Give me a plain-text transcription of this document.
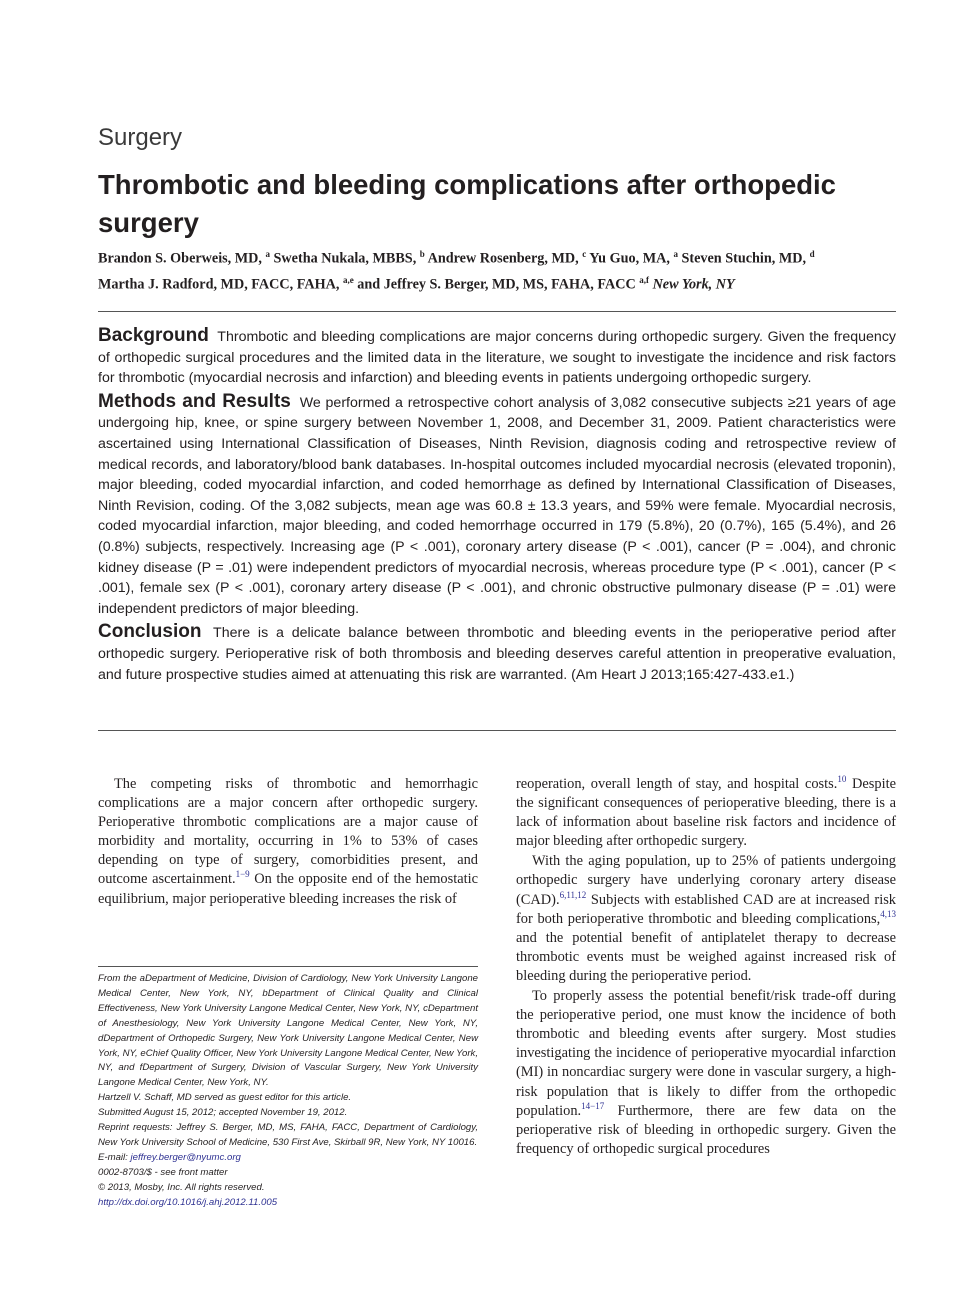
Surgery
Thrombotic and bleeding complications after orthopedic surgery
Brandon S. Oberweis, MD, $^a$ Swetha Nukala, MBBS, $^b$ Andrew Rosenberg, MD, $^c$ Yu Guo, MA, $^a$ Steven Stuchin, MD, $^d$
Martha J. Radford, MD, FACC, FAHA, $^{a,e}$ and Jeffrey S. Berger, MD, MS, FAHA, FACC $^{a,f}$ New York, NY

Background Thrombotic and bleeding complications are major concerns during orthopedic surgery. Given the frequency of orthopedic surgical procedures and the limited data in the literature, we sought to investigate the incidence and risk factors for thrombotic (myocardial necrosis and infarction) and bleeding events in patients undergoing orthopedic surgery.

Methods and Results We performed a retrospective cohort analysis of 3,082 consecutive subjects ≥21 years of age undergoing hip, knee, or spine surgery between November 1, 2008, and December 31, 2009. Patient characteristics were ascertained using International Classification of Diseases, Ninth Revision, diagnosis coding and retrospective review of medical records, and laboratory/blood bank databases. In-hospital outcomes included myocardial necrosis (elevated troponin), major bleeding, coded myocardial infarction, and coded hemorrhage as defined by International Classification of Diseases, Ninth Revision, coding. Of the 3,082 subjects, mean age was 60.8 ± 13.3 years, and 59% were female. Myocardial necrosis, coded myocardial infarction, major bleeding, and coded hemorrhage occurred in 179 (5.8%), 20 (0.7%), 165 (5.4%), and 26 (0.8%) subjects, respectively. Increasing age (P < .001), coronary artery disease (P < .001), cancer (P = .004), and chronic kidney disease (P = .01) were independent predictors of myocardial necrosis, whereas procedure type (P < .001), cancer (P < .001), female sex (P < .001), coronary artery disease (P < .001), and chronic obstructive pulmonary disease (P = .01) were independent predictors of major bleeding.

Conclusion There is a delicate balance between thrombotic and bleeding events in the perioperative period after orthopedic surgery. Perioperative risk of both thrombosis and bleeding deserves careful attention in preoperative evaluation, and future prospective studies aimed at attenuating this risk are warranted. (Am Heart J 2013;165:427-433.e1.)

The competing risks of thrombotic and hemorrhagic complications are a major concern after orthopedic surgery. Perioperative thrombotic complications are a major cause of morbidity and mortality, occurring in 1% to 53% of cases depending on type of surgery, comorbidities present, and outcome ascertainment.$^{1-9}$ On the opposite end of the hemostatic equilibrium, major perioperative bleeding increases the risk of

reoperation, overall length of stay, and hospital costs.$^{10}$ Despite the significant consequences of perioperative bleeding, there is a lack of information about baseline risk factors and incidence of major bleeding after orthopedic surgery.

With the aging population, up to 25% of patients undergoing orthopedic surgery have underlying coronary artery disease (CAD).$^{6,11,12}$ Subjects with established CAD are at increased risk for both perioperative thrombotic and bleeding complications,$^{4,13}$ and the potential benefit of antiplatelet therapy to decrease thrombotic events must be weighed against increased risk of bleeding during the perioperative period.

To properly assess the potential benefit/risk trade-off during the perioperative period, one must know the incidence of both thrombotic and bleeding events after surgery. Most studies investigating the incidence of perioperative myocardial infarction (MI) in noncardiac surgery were done in vascular surgery, a high-risk population that is likely to differ from the orthopedic population.$^{14-17}$ Furthermore, there are few data on the perioperative risk of bleeding in orthopedic surgery. Given the frequency of orthopedic surgical procedures

From the aDepartment of Medicine, Division of Cardiology, New York University Langone Medical Center, New York, NY, bDepartment of Clinical Quality and Clinical Effectiveness, New York University Langone Medical Center, New York, NY, cDepartment of Anesthesiology, New York University Langone Medical Center, New York, NY, dDepartment of Orthopedic Surgery, New York University Langone Medical Center, New York, NY, eChief Quality Officer, New York University Langone Medical Center, New York, NY, and fDepartment of Surgery, Division of Vascular Surgery, New York University Langone Medical Center, New York, NY.
Hartzell V. Schaff, MD served as guest editor for this article.
Submitted August 15, 2012; accepted November 19, 2012.
Reprint requests: Jeffrey S. Berger, MD, MS, FAHA, FACC, Department of Cardiology, New York University School of Medicine, 530 First Ave, Skirball 9R, New York, NY 10016.
E-mail: jeffrey.berger@nyumc.org
0002-8703/$ - see front matter
© 2013, Mosby, Inc. All rights reserved.
http://dx.doi.org/10.1016/j.ahj.2012.11.005
